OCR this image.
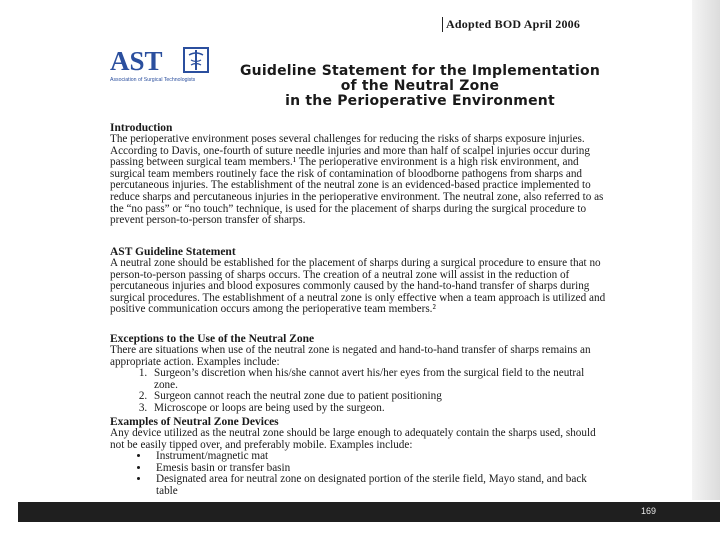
Adopted BOD April 2006
AST
Association of Surgical Technologists
Guideline Statement for the Implementation
of the Neutral Zone
in the Perioperative Environment
Introduction

The perioperative environment poses several challenges for reducing the risks of sharps exposure injuries. According to Davis, one-fourth of suture needle injuries and more than half of scalpel injuries occur during passing between surgical team members.¹ The perioperative environment is a high risk environment, and surgical team members routinely face the risk of contamination of bloodborne pathogens from sharps and percutaneous injuries. The establishment of the neutral zone is an evidenced-based practice implemented to reduce sharps and percutaneous injuries in the perioperative environment. The neutral zone, also referred to as the “no pass” or “no touch” technique, is used for the placement of sharps during the surgical procedure to prevent person-to-person transfer of sharps.

AST Guideline Statement

A neutral zone should be established for the placement of sharps during a surgical procedure to ensure that no person-to-person passing of sharps occurs. The creation of a neutral zone will assist in the reduction of percutaneous injuries and blood exposures commonly caused by the hand-to-hand transfer of sharps during surgical procedures. The establishment of a neutral zone is only effective when a team approach is utilized and positive communication occurs among the perioperative team members.²

Exceptions to the Use of the Neutral Zone

There are situations when use of the neutral zone is negated and hand-to-hand transfer of sharps remains an appropriate action. Examples include:

1. Surgeon’s discretion when his/she cannot avert his/her eyes from the surgical field to the neutral zone.
2. Surgeon cannot reach the neutral zone due to patient positioning
3. Microscope or loops are being used by the surgeon.
Examples of Neutral Zone Devices

Any device utilized as the neutral zone should be large enough to adequately contain the sharps used, should not be easily tipped over, and preferably mobile. Examples include:

• Instrument/magnetic mat
• Emesis basin or transfer basin
• Designated area for neutral zone on designated portion of the sterile field, Mayo stand, and back table
169
